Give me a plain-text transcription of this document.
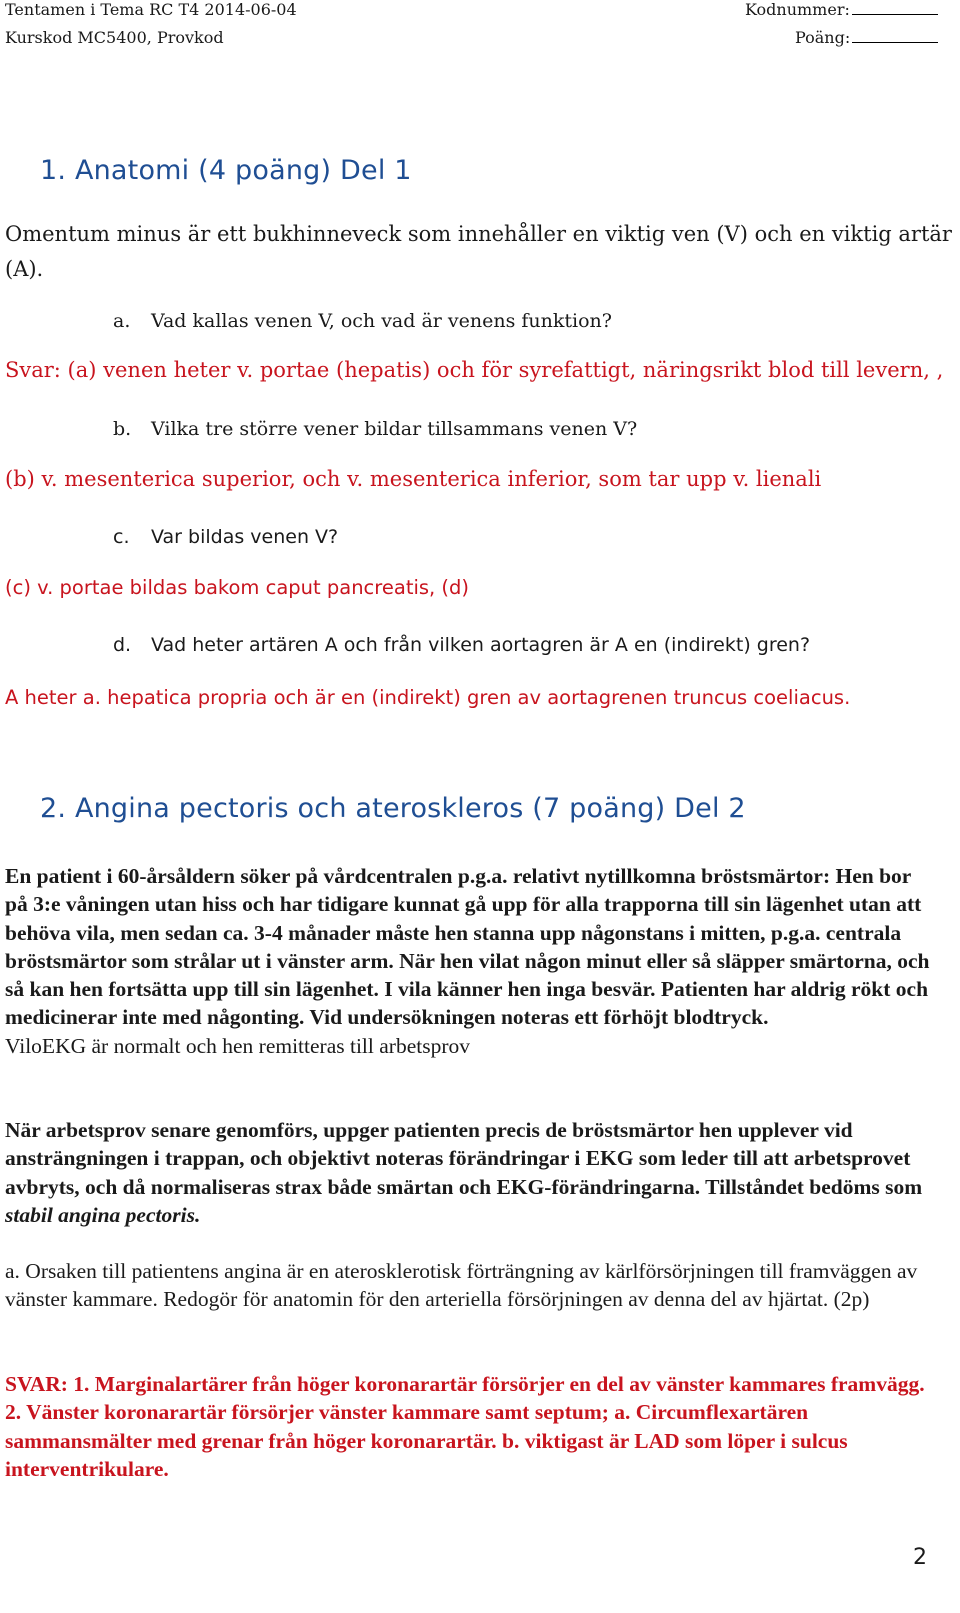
Tentamen i Tema RC T4 2014-06-04
Kurskod MC5400, Provkod
Kodnummer:
Poäng:
1. Anatomi (4 poäng) Del 1
Omentum minus är ett bukhinneveck som innehåller en viktig ven (V) och en viktig artär
(A).
a. Vad kallas venen V, och vad är venens funktion?
Svar: (a) venen heter v. portae (hepatis) och för syrefattigt, näringsrikt blod till levern, ,
b. Vilka tre större vener bildar tillsammans venen V?
(b) v. mesenterica superior, och v. mesenterica inferior, som tar upp v. lienali
c. Var bildas venen V?
(c) v. portae bildas bakom caput pancreatis, (d)
d. Vad heter artären A och från vilken aortagren är A en (indirekt) gren?
A heter a. hepatica propria och är en (indirekt) gren av aortagrenen truncus coeliacus.
2. Angina pectoris och ateroskleros (7 poäng) Del 2
En patient i 60-årsåldern söker på vårdcentralen p.g.a. relativt nytillkomna bröstsmärtor: Hen bor på 3:e våningen utan hiss och har tidigare kunnat gå upp för alla trapporna till sin lägenhet utan att behöva vila, men sedan ca. 3-4 månader måste hen stanna upp någonstans i mitten, p.g.a. centrala bröstsmärtor som strålar ut i vänster arm. När hen vilat någon minut eller så släpper smärtorna, och så kan hen fortsätta upp till sin lägenhet. I vila känner hen inga besvär. Patienten har aldrig rökt och medicinerar inte med någonting. Vid undersökningen noteras ett förhöjt blodtryck.
ViloEKG är normalt och hen remitteras till arbetsprov
När arbetsprov senare genomförs, uppger patienten precis de bröstsmärtor hen upplever vid ansträngningen i trappan, och objektivt noteras förändringar i EKG som leder till att arbetsprovet avbryts, och då normaliseras strax både smärtan och EKG-förändringarna. Tillståndet bedöms som stabil angina pectoris.
a. Orsaken till patientens angina är en aterosklerotisk förträngning av kärlförsörjningen till framväggen av vänster kammare. Redogör för anatomin för den arteriella försörjningen av denna del av hjärtat. (2p)
SVAR: 1. Marginalartärer från höger koronarartär försörjer en del av vänster kammares framvägg. 2. Vänster koronarartär försörjer vänster kammare samt septum; a. Circumflexartären sammansmälter med grenar från höger koronarartär. b. viktigast är LAD som löper i sulcus interventrikulare.
2
